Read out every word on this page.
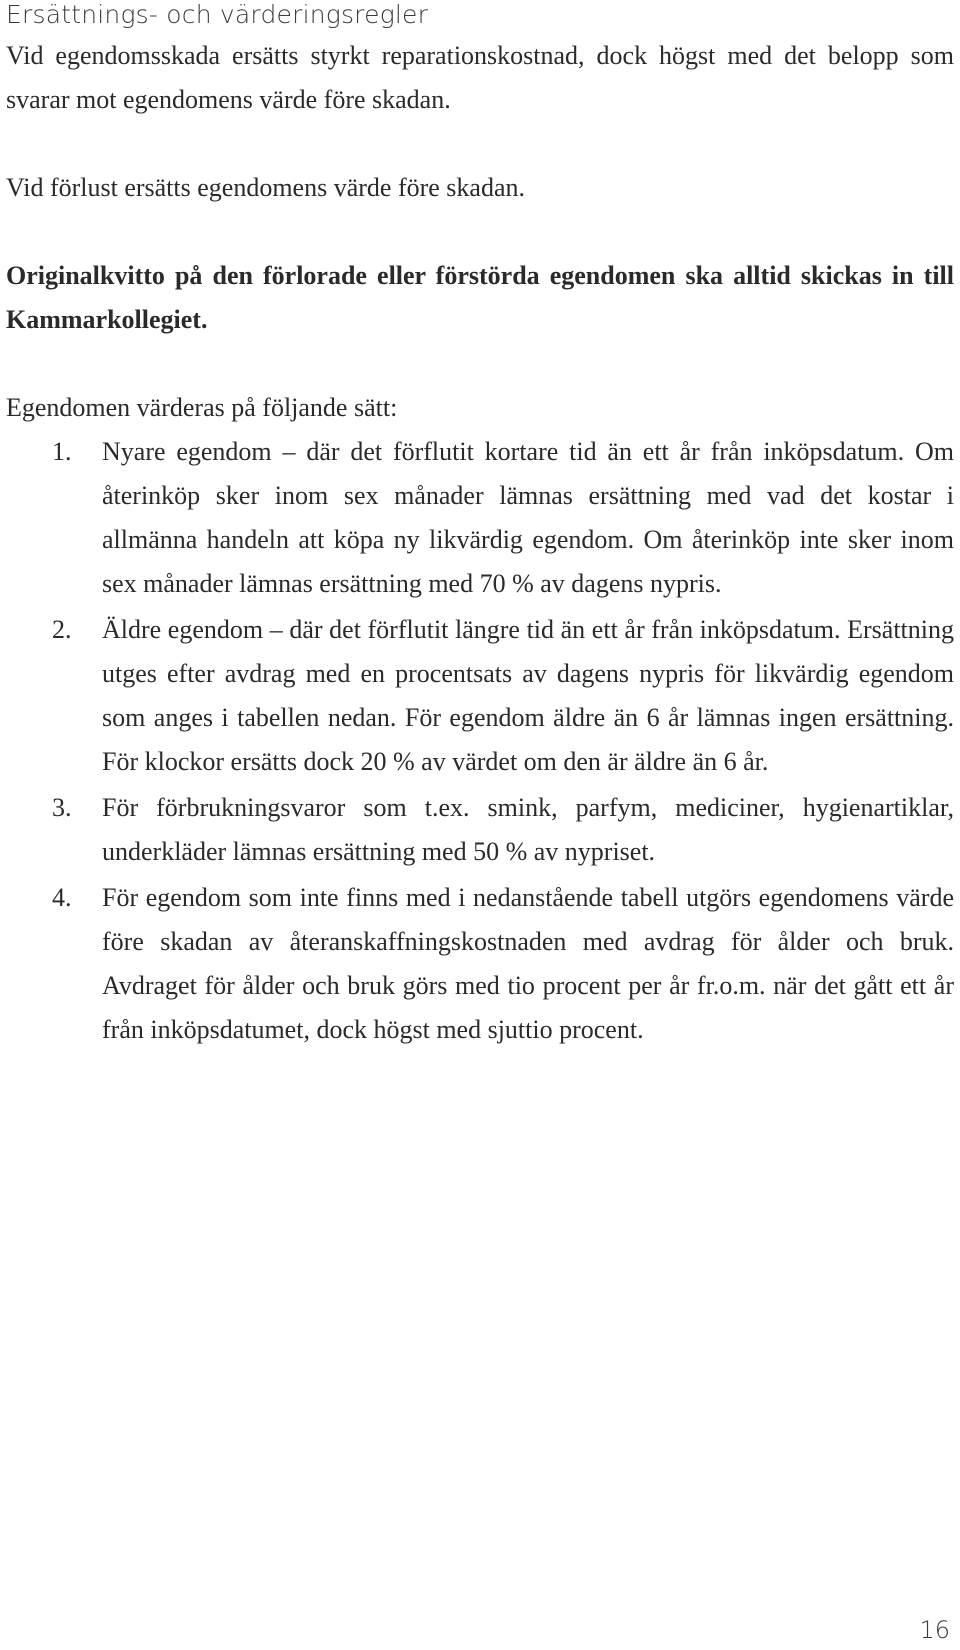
Ersättnings- och värderingsregler

Vid egendomsskada ersätts styrkt reparationskostnad, dock högst med det belopp som svarar mot egendomens värde före skadan.

Vid förlust ersätts egendomens värde före skadan.

Originalkvitto på den förlorade eller förstörda egendomen ska alltid skickas in till Kammarkollegiet.

Egendomen värderas på följande sätt:

1. Nyare egendom – där det förflutit kortare tid än ett år från inköpsdatum. Om återinköp sker inom sex månader lämnas ersättning med vad det kostar i allmänna handeln att köpa ny likvärdig egendom. Om återinköp inte sker inom sex månader lämnas ersättning med 70 % av dagens nypris.
2. Äldre egendom – där det förflutit längre tid än ett år från inköpsdatum. Ersättning utges efter avdrag med en procentsats av dagens nypris för likvärdig egendom som anges i tabellen nedan. För egendom äldre än 6 år lämnas ingen ersättning. För klockor ersätts dock 20 % av värdet om den är äldre än 6 år.
3. För förbrukningsvaror som t.ex. smink, parfym, mediciner, hygienartiklar, underkläder lämnas ersättning med 50 % av nypriset.
4. För egendom som inte finns med i nedanstående tabell utgörs egendomens värde före skadan av återanskaffningskostnaden med avdrag för ålder och bruk. Avdraget för ålder och bruk görs med tio procent per år fr.o.m. när det gått ett år från inköpsdatumet, dock högst med sjuttio procent.
16
